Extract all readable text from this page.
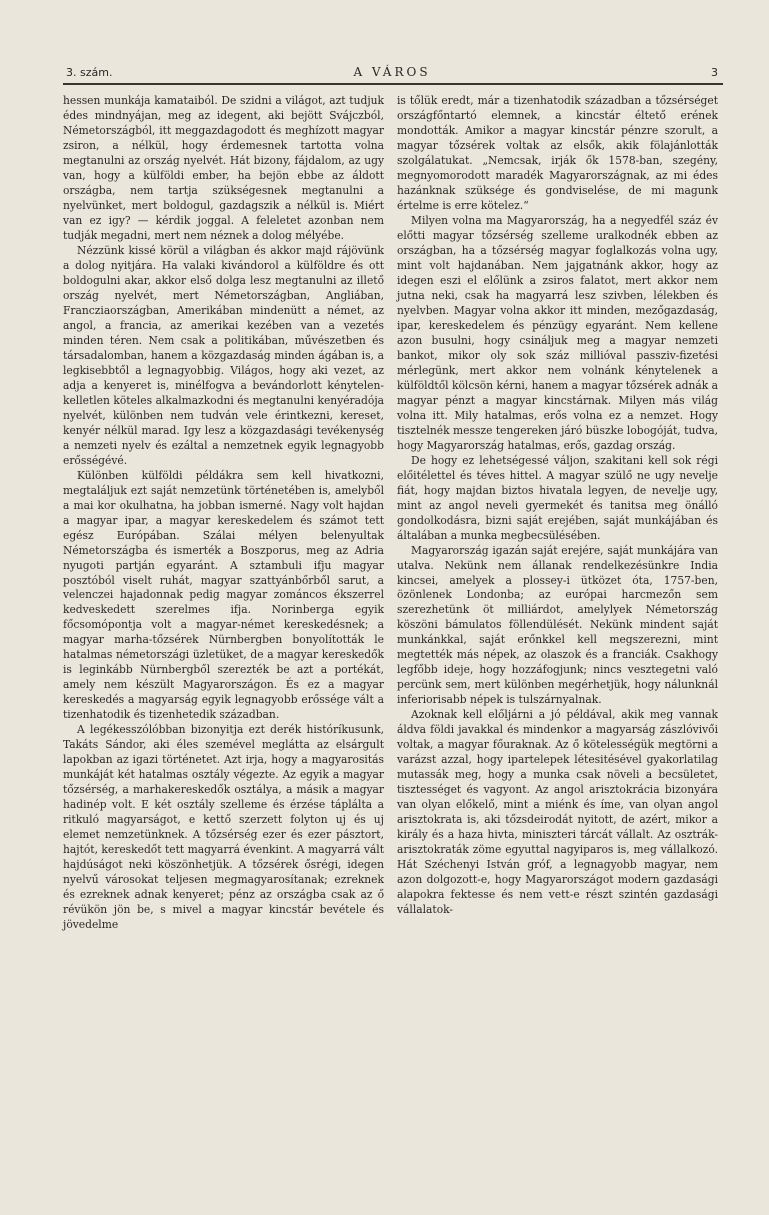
3. szám.	A VÁROS	3

hessen munkája kamataiból. De szidni a világot, azt tudjuk édes mindnyájan, meg az idegent, aki bejött Svájczból, Németországból, itt meggazdagodott és meghízott magyar zsiron, a nélkül, hogy érdemesnek tartotta volna megtanulni az ország nyelvét. Hát bizony, fájdalom, az ugy van, hogy a külföldi ember, ha bejön ebbe az áldott országba, nem tartja szükségesnek megtanulni a nyelvünket, mert boldogul, gazdagszik a nélkül is. Miért van ez igy? — kérdik joggal. A feleletet azonban nem tudják megadni, mert nem néznek a dolog mélyébe.

Nézzünk kissé körül a világban és akkor majd rájövünk a dolog nyitjára. Ha valaki kivándorol a külföldre és ott boldogulni akar, akkor első dolga lesz megtanulni az illető ország nyelvét, mert Németországban, Angliában, Francziaországban, Amerikában mindenütt a német, az angol, a francia, az amerikai kezében van a vezetés minden téren. Nem csak a politikában, művészetben és társadalomban, hanem a közgazdaság minden ágában is, a legkisebbtől a legnagyobbig. Világos, hogy aki vezet, az adja a kenyeret is, minélfogva a bevándorlott kénytelen-kelletlen köteles alkalmazkodni és megtanulni kenyéradója nyelvét, különben nem tudván vele érintkezni, kereset, kenyér nélkül marad. Igy lesz a közgazdasági tevékenység a nemzeti nyelv és ezáltal a nemzetnek egyik legnagyobb erősségévé.

Különben külföldi példákra sem kell hivatkozni, megtaláljuk ezt saját nemzetünk történetében is, amelyből a mai kor okulhatna, ha jobban ismerné. Nagy volt hajdan a magyar ipar, a magyar kereskedelem és számot tett egész Európában. Szálai mélyen belenyultak Németországba és ismerték a Boszporus, meg az Adria nyugoti partján egyaránt. A sztambuli ifju magyar posztóból viselt ruhát, magyar szattyánbőrből sarut, a velenczei hajadonnak pedig magyar zománcos ékszerrel kedveskedett szerelmes ifja. Norinberga egyik főcsomópontja volt a magyar-német kereskedésnek; a magyar marha-tőzsérek Nürnbergben bonyolították le hatalmas németországi üzletüket, de a magyar kereskedők is leginkább Nürnbergből szerezték be azt a portékát, amely nem készült Magyarországon. És ez a magyar kereskedés a magyarság egyik legnagyobb erőssége vált a tizenhatodik és tizenhetedik században.

A legékesszólóbban bizonyitja ezt derék históríkusunk, Takáts Sándor, aki éles szemével meglátta az elsárgult lapokban az igazi történetet. Azt irja, hogy a magyarositás munkáját két hatalmas osztály végezte. Az egyik a magyar tőzsérség, a marhakereskedők osztálya, a másik a magyar hadinép volt. E két osztály szelleme és érzése táplálta a ritkuló magyarságot, e kettő szerzett folyton uj és uj elemet nemzetünknek. A tőzsérség ezer és ezer pásztort, hajtót, kereskedőt tett magyarrá évenkint. A magyarrá vált hajdúságot neki köszönhetjük. A tőzsérek ősrégi, idegen nyelvű városokat teljesen megmagyarosítanak; ezreknek és ezreknek adnak kenyeret; pénz az országba csak az ő révükön jön be, s mivel a magyar kincstár bevétele és jövedelme

is tőlük eredt, már a tizenhatodik században a tőzsérséget országfőntartó elemnek, a kincstár éltető erének mondották. Amikor a magyar kincstár pénzre szorult, a magyar tőzsérek voltak az elsők, akik fölajánlották szolgálatukat. „Nemcsak, irják ők 1578-ban, szegény, megnyomorodott maradék Magyarországnak, az mi édes hazánknak szüksége és gondviselése, de mi magunk értelme is erre kötelez.“

Milyen volna ma Magyarország, ha a negyedfél száz év előtti magyar tőzsérség szelleme uralkodnék ebben az országban, ha a tőzsérség magyar foglalkozás volna ugy, mint volt hajdanában. Nem jajgatnánk akkor, hogy az idegen eszi el előlünk a zsiros falatot, mert akkor nem jutna neki, csak ha magyarrá lesz szivben, lélekben és nyelvben. Magyar volna akkor itt minden, mezőgazdaság, ipar, kereskedelem és pénzügy egyaránt. Nem kellene azon busulni, hogy csináljuk meg a magyar nemzeti bankot, mikor oly sok száz millióval passziv-fizetési mérlegünk, mert akkor nem volnánk kénytelenek a külföldtől kölcsön kérni, hanem a magyar tőzsérek adnák a magyar pénzt a magyar kincstárnak. Milyen más világ volna itt. Mily hatalmas, erős volna ez a nemzet. Hogy tisztelnék messze tengereken járó büszke lobogóját, tudva, hogy Magyarország hatalmas, erős, gazdag ország.

De hogy ez lehetségessé váljon, szakitani kell sok régi előitélettel és téves hittel. A magyar szülő ne ugy nevelje fiát, hogy majdan biztos hivatala legyen, de nevelje ugy, mint az angol neveli gyermekét és tanitsa meg önálló gondolkodásra, bizni saját erejében, saját munkájában és általában a munka megbecsülésében.

Magyarország igazán saját erejére, saját munkájára van utalva. Nekünk nem állanak rendelkezésünkre India kincsei, amelyek a plossey-i ütközet óta, 1757-ben, özönlenek Londonba; az európai harcmezőn sem szerezhetünk öt milliárdot, amelylyek Németország köszöni bámulatos föllendülését. Nekünk mindent saját munkánkkal, saját erőnkkel kell megszerezni, mint megtették más népek, az olaszok és a franciák. Csakhogy legfőbb ideje, hogy hozzáfogjunk; nincs vesztegetni való percünk sem, mert különben megérhetjük, hogy nálunknál inferiorisabb népek is tulszárnyalnak.

Azoknak kell előljárni a jó példával, akik meg vannak áldva földi javakkal és mindenkor a magyarság zászlóvivői voltak, a magyar főuraknak. Az ő kötelességük megtörni a varázst azzal, hogy ipartelepek létesitésével gyakorlatilag mutassák meg, hogy a munka csak növeli a becsületet, tisztességet és vagyont. Az angol arisztokrácia bizonyára van olyan előkelő, mint a miénk és íme, van olyan angol arisztokrata is, aki tőzsdeirodát nyitott, de azért, mikor a király és a haza hivta, miniszteri tárcát vállalt. Az osztrák-arisztokraták zöme egyuttal nagyiparos is, meg vállalkozó. Hát Széchenyi István gróf, a legnagyobb magyar, nem azon dolgozott-e, hogy Magyarországot modern gazdasági alapokra fektesse és nem vett-e részt szintén gazdasági vállalatok-
